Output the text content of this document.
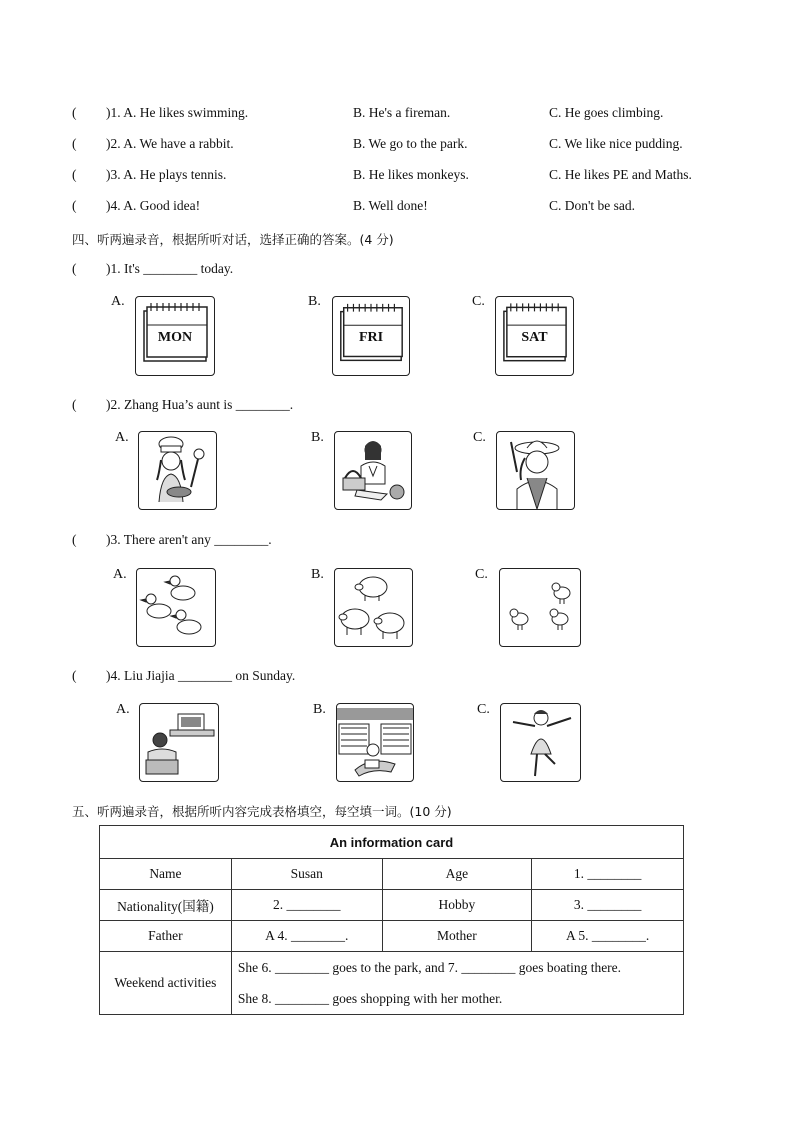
( )1. A. He likes swimming.	B. He's a fireman.	C. He goes climbing.
( )2. A. We have a rabbit.	B. We go to the park.	C. We like nice pudding.
( )3. A. He plays tennis.	B. He likes monkeys.	C. He likes PE and Maths.
( )4. A. Good idea!	B. Well done!	C. Don't be sad.
四、听两遍录音，根据所听对话，选择正确的答案。(4 分)
( )1. It's ________ today.
A.
MON
B.
FRI
C.
SAT
( )2. Zhang Hua’s aunt is ________.
A.	B.	C.
( )3. There aren't any ________.
A.	B.	C.
( )4. Liu Jiajia ________ on Sunday.
A.	B.	C.
五、听两遍录音，根据所听内容完成表格填空，每空填一词。(10 分)
An information card			
Name	Susan	Age	1. ________
Nationality(国籍)	2. ________	Hobby	3. ________
Father	A 4. ________.	Mother	A 5. ________.
Weekend activities	She 6. ________ goes to the park, and 7. ________ goes boating there.
She 8. ________ goes shopping with her mother.		
